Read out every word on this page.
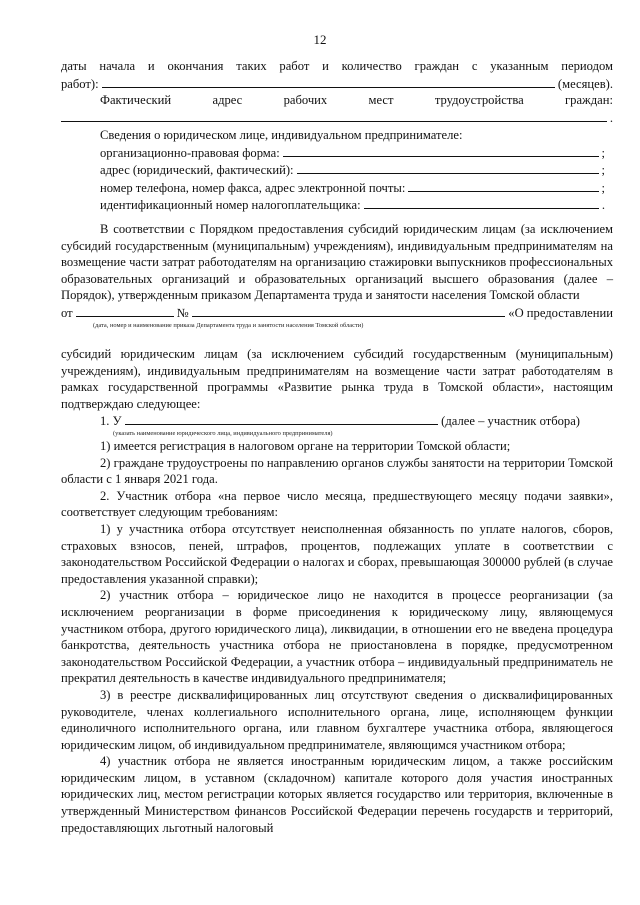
12

даты начала и окончания таких работ и количество граждан с указанным периодом

работ):	(месяцев).

Фактический адрес рабочих мест трудоустройства граждан:

.

Сведения о юридическом лице, индивидуальном предпринимателе:

организационно-правовая форма:	;
адрес (юридический, фактический):	;
номер телефона, номер факса, адрес электронной почты:	;
идентификационный номер налогоплательщика:	.

В соответствии с Порядком предоставления субсидий юридическим лицам (за исключением субсидий государственным (муниципальным) учреждениям), индивидуальным предпринимателям на возмещение части затрат работодателям на организацию стажировки выпускников профессиональных образовательных организаций и образовательных организаций высшего образования (далее – Порядок), утвержденным приказом Департамента труда и занятости населения Томской области

от	№	«О предоставлении

(дата, номер и наименование приказа Департамента труда и занятости населения Томской области)

субсидий юридическим лицам (за исключением субсидий государственным (муниципальным) учреждениям), индивидуальным предпринимателям на возмещение части затрат работодателям в рамках государственной программы «Развитие рынка труда в Томской области», настоящим подтверждаю следующее:

1. У	(далее – участник отбора)

(указать наименование юридического лица, индивидуального предпринимателя)

1) имеется регистрация в налоговом органе на территории Томской области;

2) граждане трудоустроены по направлению органов службы занятости на территории Томской области с 1 января 2021 года.

2. Участник отбора «на первое число месяца, предшествующего месяцу подачи заявки», соответствует следующим требованиям:

1) у участника отбора отсутствует неисполненная обязанность по уплате налогов, сборов, страховых взносов, пеней, штрафов, процентов, подлежащих уплате в соответствии с законодательством Российской Федерации о налогах и сборах, превышающая 300000 рублей (в случае предоставления указанной справки);

2) участник отбора – юридическое лицо не находится в процессе реорганизации (за исключением реорганизации в форме присоединения к юридическому лицу, являющемуся участником отбора, другого юридического лица), ликвидации, в отношении его не введена процедура банкротства, деятельность участника отбора не приостановлена в порядке, предусмотренном законодательством Российской Федерации, а участник отбора – индивидуальный предприниматель не прекратил деятельность в качестве индивидуального предпринимателя;

3) в реестре дисквалифицированных лиц отсутствуют сведения о дисквалифицированных руководителе, членах коллегиального исполнительного органа, лице, исполняющем функции единоличного исполнительного органа, или главном бухгалтере участника отбора, являющегося юридическим лицом, об индивидуальном предпринимателе, являющимся участником отбора;

4) участник отбора не является иностранным юридическим лицом, а также российским юридическим лицом, в уставном (складочном) капитале которого доля участия иностранных юридических лиц, местом регистрации которых является государство или территория, включенные в утвержденный Министерством финансов Российской Федерации перечень государств и территорий, предоставляющих льготный налоговый
